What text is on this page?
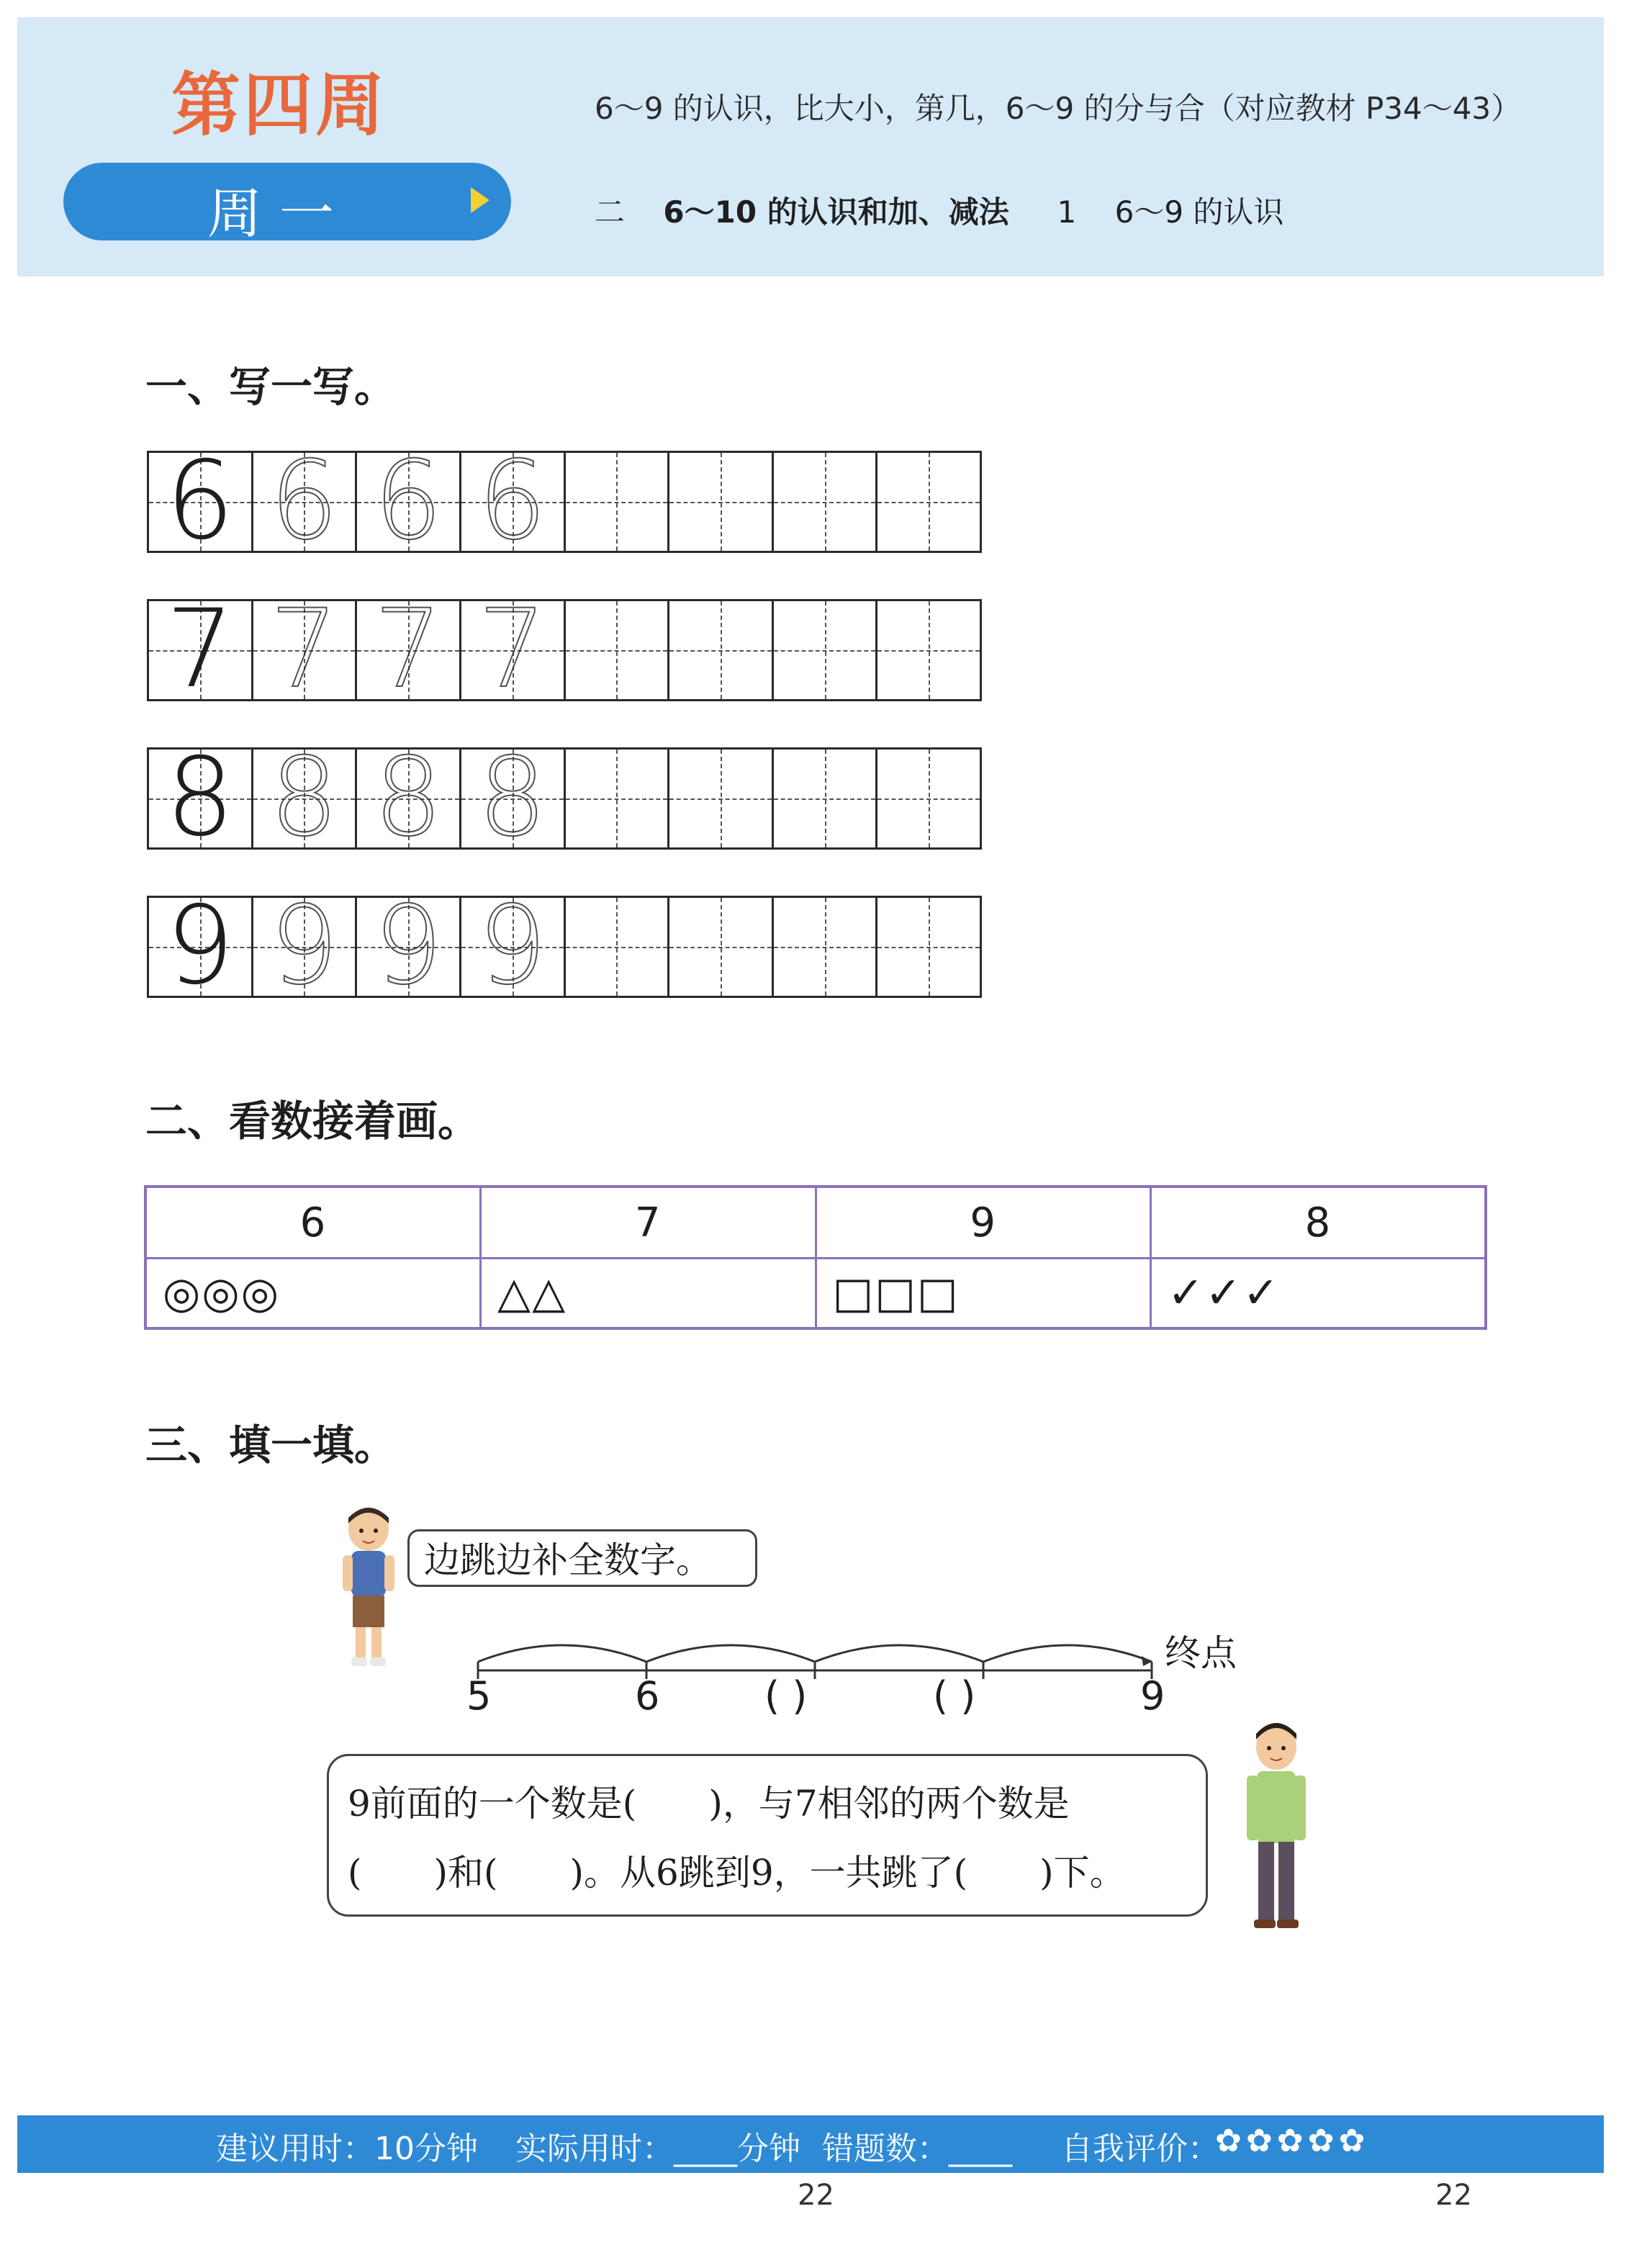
第四周	6～9 的认识，比大小，第几，6～9 的分与合（对应教材 P34～43）
周一	二 6～10 的认识和加、减法 1 6～9 的认识
一、写一写。
6 6 6 6
7 7 7 7
8 8 8 8
9 9 9 9
二、看数接着画。
6	7	9	8
◎◎◎	△△	□□□	✓✓✓
三、填一填。
边跳边补全数字。
终点
5	6	( )	( )	9
9前面的一个数是(　　)，与7相邻的两个数是
(　　)和(　　)。从6跳到9，一共跳了(　　)下。
建议用时：10分钟 实际用时：____分钟 错题数：____ 自我评价：
✿✿✿✿✿
22	22
